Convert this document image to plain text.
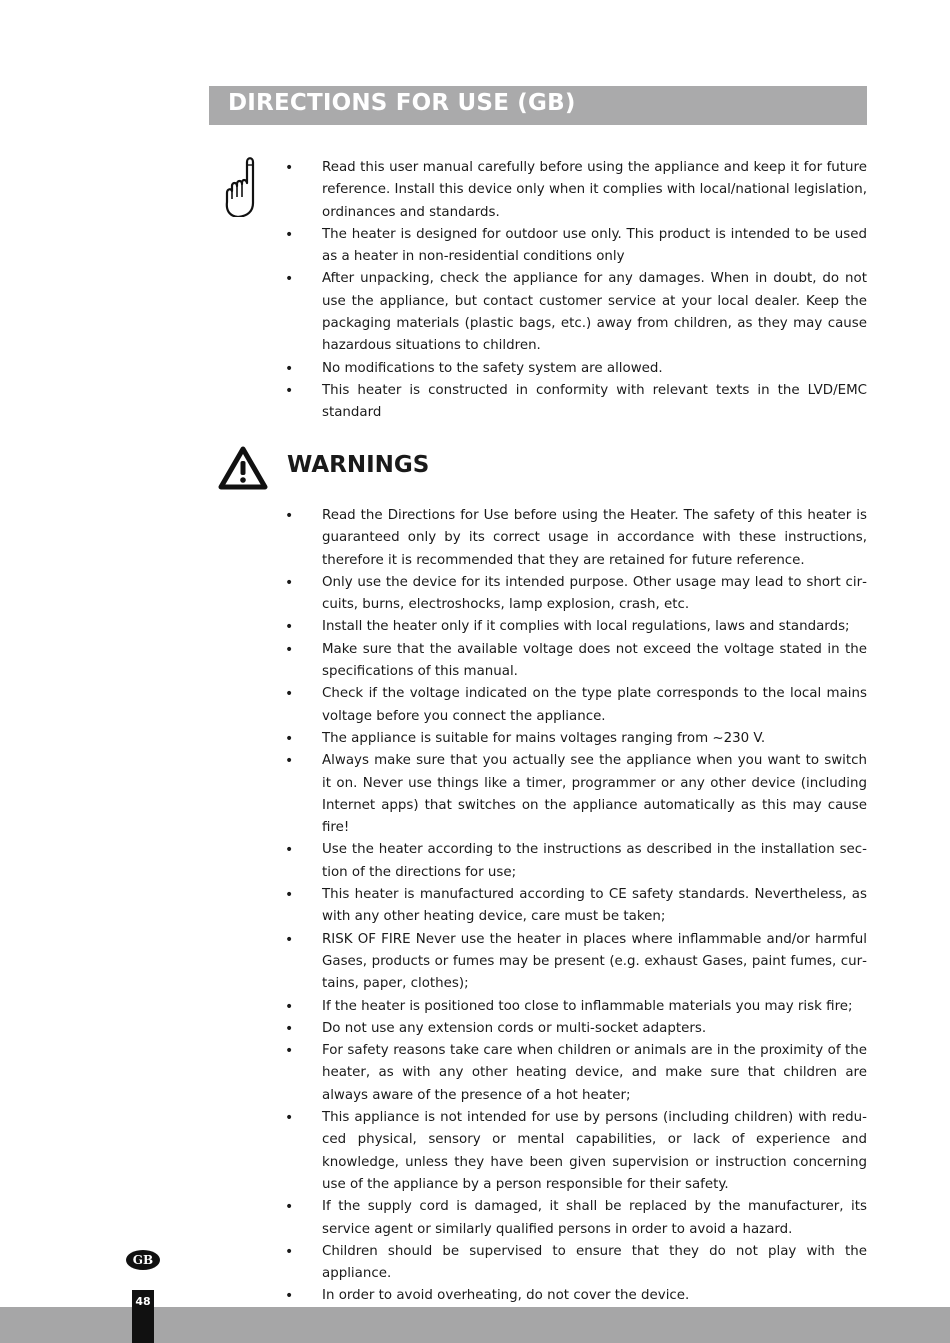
DIRECTIONS FOR USE (GB)
• Read this user manual carefully before using the appliance and keep it for future reference. Install this device only when it complies with local/national legislation, ordinances and standards.
• The heater is designed for outdoor use only. This product is intended to be used as a heater in non-residential conditions only
• After unpacking, check the appliance for any damages. When in doubt, do not use the appliance, but contact customer service at your local dealer. Keep the packaging materials (plastic bags, etc.) away from children, as they may cause hazardous situations to children.
• No modifications to the safety system are allowed.
• This heater is constructed in conformity with relevant texts in the LVD/EMC standard
WARNINGS
• Read the Directions for Use before using the Heater. The safety of this heater is guaranteed only by its correct usage in accordance with these instructions, therefore it is recommended that they are retained for future reference.
• Only use the device for its intended purpose. Other usage may lead to short circuits, burns, electroshocks, lamp explosion, crash, etc.
• Install the heater only if it complies with local regulations, laws and standards;
• Make sure that the available voltage does not exceed the voltage stated in the specifications of this manual.
• Check if the voltage indicated on the type plate corresponds to the local mains voltage before you connect the appliance.
• The appliance is suitable for mains voltages ranging from ~230 V.
• Always make sure that you actually see the appliance when you want to switch it on. Never use things like a timer, programmer or any other device (including Internet apps) that switches on the appliance automatically as this may cause fire!
• Use the heater according to the instructions as described in the installation section of the directions for use;
• This heater is manufactured according to CE safety standards. Nevertheless, as with any other heating device, care must be taken;
• RISK OF FIRE Never use the heater in places where inflammable and/or harmful Gases, products or fumes may be present (e.g. exhaust Gases, paint fumes, curtains, paper, clothes);
• If the heater is positioned too close to inflammable materials you may risk fire;
• Do not use any extension cords or multi-socket adapters.
• For safety reasons take care when children or animals are in the proximity of the heater, as with any other heating device, and make sure that children are always aware of the presence of a hot heater;
• This appliance is not intended for use by persons (including children) with reduced physical, sensory or mental capabilities, or lack of experience and knowledge, unless they have been given supervision or instruction concerning use of the appliance by a person responsible for their safety.
• If the supply cord is damaged, it shall be replaced by the manufacturer, its service agent or similarly qualified persons in order to avoid a hazard.
• Children should be supervised to ensure that they do not play with the appliance.
• In order to avoid overheating, do not cover the device.
GB
48
